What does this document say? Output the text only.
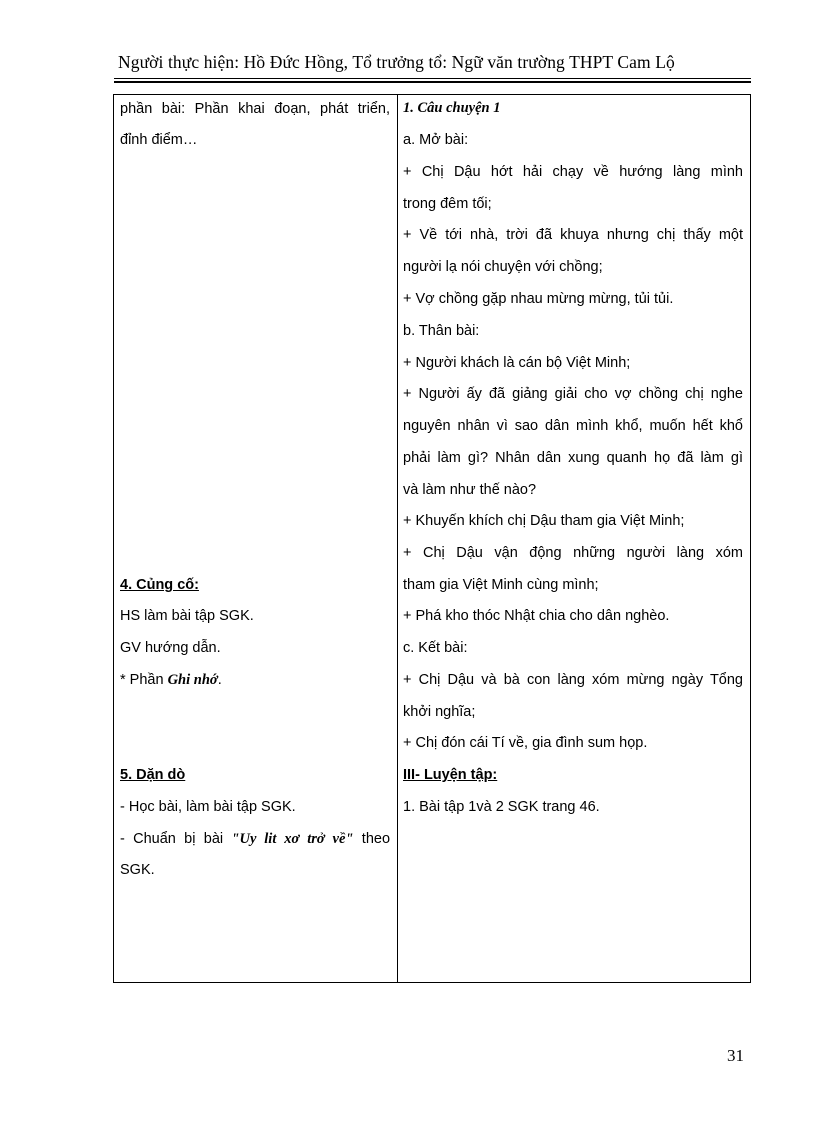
Người thực hiện: Hồ Đức Hồng, Tổ trưởng tổ: Ngữ văn trường THPT Cam Lộ
phần bài: Phần khai đoạn, phát triển,
đỉnh điểm…
4. Củng cố:
HS làm bài tập SGK.
GV hướng dẫn.
* Phần Ghi nhớ.
5. Dặn dò
- Học bài, làm bài tập SGK.
- Chuẩn bị bài "Uy lit xơ trở về" theo
SGK.
1. Câu chuyện 1
a. Mở bài:
+ Chị Dậu hớt hải chạy về hướng làng mình
trong đêm tối;
+ Về tới nhà, trời đã khuya nhưng chị thấy một
người lạ nói chuyện với chồng;
+ Vợ chồng gặp nhau mừng mừng, tủi tủi.
b. Thân bài:
+ Người khách là cán bộ Việt Minh;
+ Người ấy đã giảng giải cho vợ chồng chị nghe
nguyên nhân vì sao dân mình khổ, muốn hết khổ
phải làm gì? Nhân dân xung quanh họ đã làm gì
và làm như thế nào?
+ Khuyến khích chị Dậu tham gia Việt Minh;
+ Chị Dậu vận động những người làng xóm
tham gia Việt Minh cùng mình;
+ Phá kho thóc Nhật chia cho dân nghèo.
c. Kết bài:
+ Chị Dậu và bà con làng xóm mừng ngày Tổng
khởi nghĩa;
+ Chị đón cái Tí về, gia đình sum họp.
III- Luyện tập:
1. Bài tập 1và 2 SGK trang 46.
31
